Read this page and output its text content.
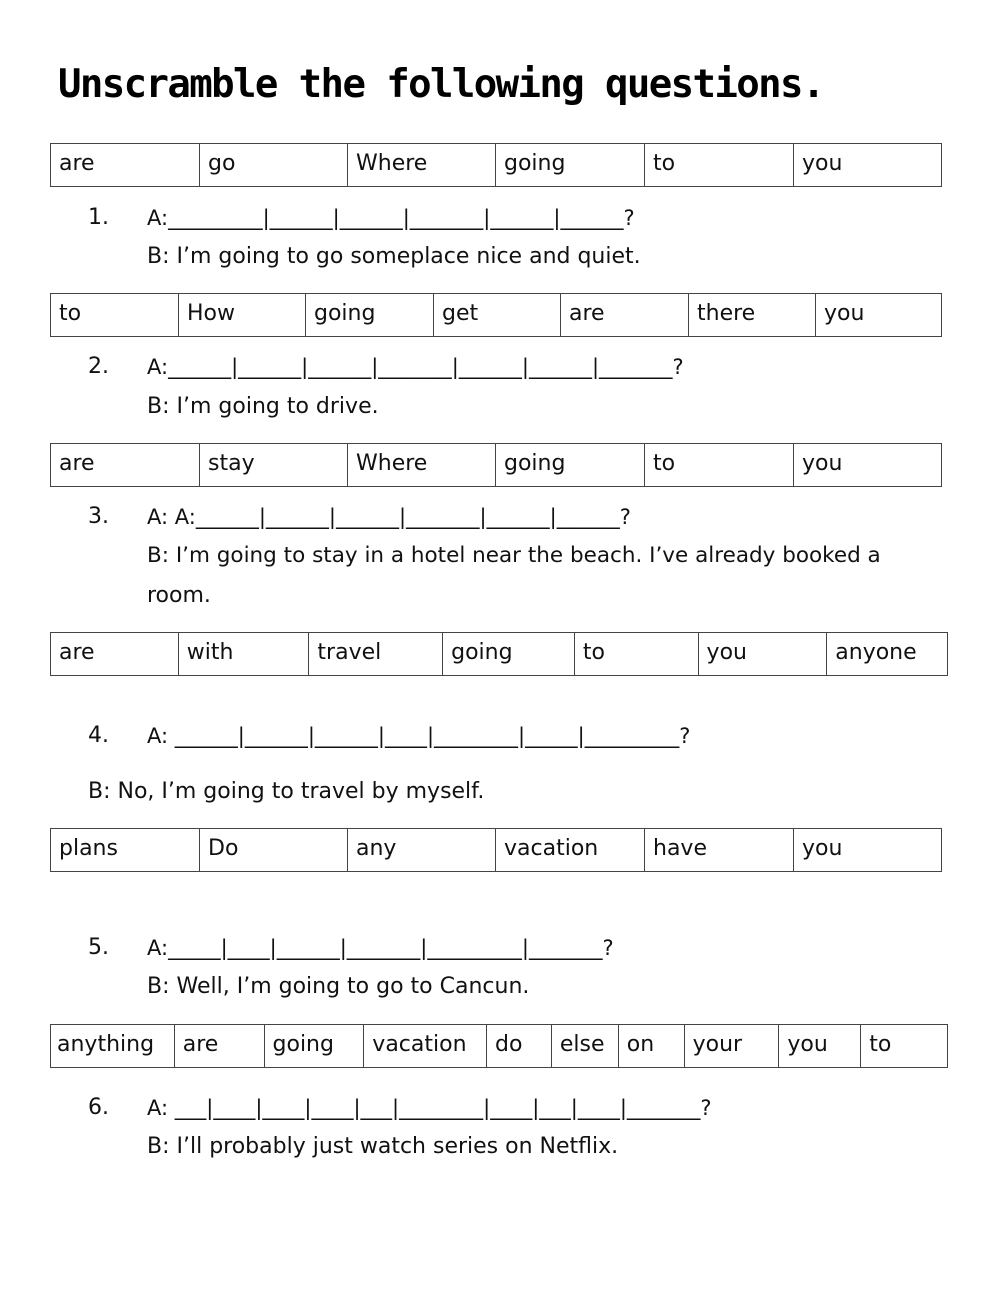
Unscramble the following questions.
are	go	Where	going	to	you
1. A:_________|______|______|_______|______|______?
B: I’m going to go someplace nice and quiet.
to	How	going	get	are	there	you
2. A:______|______|______|_______|______|______|_______?
B: I’m going to drive.
are	stay	Where	going	to	you
3. A: A:______|______|______|_______|______|______?
B: I’m going to stay in a hotel near the beach. I’ve already booked a
room.
are	with	travel	going	to	you	anyone
4. A: ______|______|______|____|________|_____|_________?
B: No, I’m going to travel by myself.
plans	Do	any	vacation	have	you
5. A:_____|____|______|_______|_________|_______?
B: Well, I’m going to go to Cancun.
anything	are	going	vacation	do	else	on	your	you	to
6. A: ___|____|____|____|___|________|____|___|____|_______?
B: I’ll probably just watch series on Netflix.
